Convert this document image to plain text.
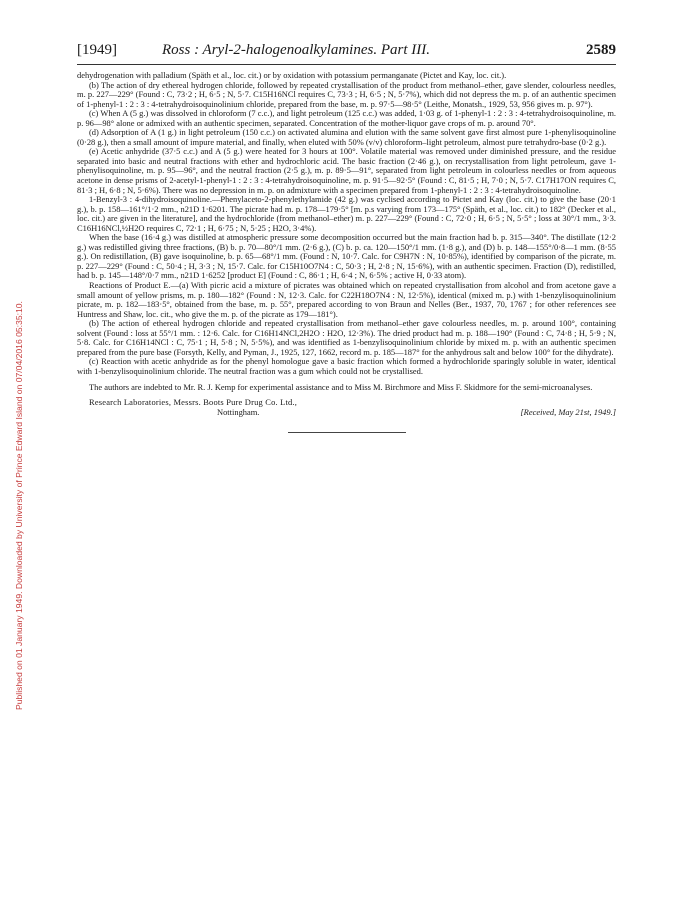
Published on 01 January 1949. Downloaded by University of Prince Edward Island on 07/04/2016 05:35:10.
[1949]	Ross : Aryl-2-halogenoalkylamines. Part III.	2589

dehydrogenation with palladium (Späth et al., loc. cit.) or by oxidation with potassium permanganate (Pictet and Kay, loc. cit.).

(b) The action of dry ethereal hydrogen chloride, followed by repeated crystallisation of the product from methanol–ether, gave slender, colourless needles, m. p. 227—229° (Found : C, 73·2 ; H, 6·5 ; N, 5·7. C15H16NCl requires C, 73·3 ; H, 6·5 ; N, 5·7%), which did not depress the m. p. of an authentic specimen of 1-phenyl-1 : 2 : 3 : 4-tetrahydroisoquinolinium chloride, prepared from the base, m. p. 97·5—98·5° (Leithe, Monatsh., 1929, 53, 956 gives m. p. 97°).

(c) When A (5 g.) was dissolved in chloroform (7 c.c.), and light petroleum (125 c.c.) was added, 1·03 g. of 1-phenyl-1 : 2 : 3 : 4-tetrahydroisoquinoline, m. p. 96—98° alone or admixed with an authentic specimen, separated. Concentration of the mother-liquor gave crops of m. p. around 70°.

(d) Adsorption of A (1 g.) in light petroleum (150 c.c.) on activated alumina and elution with the same solvent gave first almost pure 1-phenylisoquinoline (0·28 g.), then a small amount of impure material, and finally, when eluted with 50% (v/v) chloroform–light petroleum, almost pure tetrahydro-base (0·2 g.).

(e) Acetic anhydride (37·5 c.c.) and A (5 g.) were heated for 3 hours at 100°. Volatile material was removed under diminished pressure, and the residue separated into basic and neutral fractions with ether and hydrochloric acid. The basic fraction (2·46 g.), on recrystallisation from light petroleum, gave 1-phenylisoquinoline, m. p. 95—96°, and the neutral fraction (2·5 g.), m. p. 89·5—91°, separated from light petroleum in colourless needles or from aqueous acetone in dense prisms of 2-acetyl-1-phenyl-1 : 2 : 3 : 4-tetrahydroisoquinoline, m. p. 91·5—92·5° (Found : C, 81·5 ; H, 7·0 ; N, 5·7. C17H17ON requires C, 81·3 ; H, 6·8 ; N, 5·6%). There was no depression in m. p. on admixture with a specimen prepared from 1-phenyl-1 : 2 : 3 : 4-tetrahydroisoquinoline.

1-Benzyl-3 : 4-dihydroisoquinoline.—Phenylaceto-2-phenylethylamide (42 g.) was cyclised according to Pictet and Kay (loc. cit.) to give the base (20·1 g.), b. p. 158—161°/1·2 mm., n21D 1·6201. The picrate had m. p. 178—179·5° [m. p.s varying from 173—175° (Späth, et al., loc. cit.) to 182° (Decker et al., loc. cit.) are given in the literature], and the hydrochloride (from methanol–ether) m. p. 227—229° (Found : C, 72·0 ; H, 6·5 ; N, 5·5° ; loss at 30°/1 mm., 3·3. C16H16NCl,½H2O requires C, 72·1 ; H, 6·75 ; N, 5·25 ; H2O, 3·4%).

When the base (16·4 g.) was distilled at atmospheric pressure some decomposition occurred but the main fraction had b. p. 315—340°. The distillate (12·2 g.) was redistilled giving three fractions, (B) b. p. 70—80°/1 mm. (2·6 g.), (C) b. p. ca. 120—150°/1 mm. (1·8 g.), and (D) b. p. 148—155°/0·8—1 mm. (8·55 g.). On redistillation, (B) gave isoquinoline, b. p. 65—68°/1 mm. (Found : N, 10·7. Calc. for C9H7N : N, 10·85%), identified by comparison of the picrate, m. p. 227—229° (Found : C, 50·4 ; H, 3·3 ; N, 15·7. Calc. for C15H10O7N4 : C, 50·3 ; H, 2·8 ; N, 15·6%), with an authentic specimen. Fraction (D), redistilled, had b. p. 145—148°/0·7 mm., n21D 1·6252 [product E] (Found : C, 86·1 ; H, 6·4 ; N, 6·5% ; active H, 0·33 atom).

Reactions of Product E.—(a) With picric acid a mixture of picrates was obtained which on repeated crystallisation from alcohol and from acetone gave a small amount of yellow prisms, m. p. 180—182° (Found : N, 12·3. Calc. for C22H18O7N4 : N, 12·5%), identical (mixed m. p.) with 1-benzylisoquinolinium picrate, m. p. 182—183·5°, obtained from the base, m. p. 55°, prepared according to von Braun and Nelles (Ber., 1937, 70, 1767 ; for other references see Huntress and Shaw, loc. cit., who give the m. p. of the picrate as 179—181°).

(b) The action of ethereal hydrogen chloride and repeated crystallisation from methanol–ether gave colourless needles, m. p. around 100°, containing solvent (Found : loss at 55°/1 mm. : 12·6. Calc. for C16H14NCl,2H2O : H2O, 12·3%). The dried product had m. p. 188—190° (Found : C, 74·8 ; H, 5·9 ; N, 5·8. Calc. for C16H14NCl : C, 75·1 ; H, 5·8 ; N, 5·5%), and was identified as 1-benzylisoquinolinium chloride by mixed m. p. with an authentic specimen prepared from the pure base (Forsyth, Kelly, and Pyman, J., 1925, 127, 1662, record m. p. 185—187° for the anhydrous salt and below 100° for the dihydrate).

(c) Reaction with acetic anhydride as for the phenyl homologue gave a basic fraction which formed a hydrochloride sparingly soluble in water, identical with 1-benzylisoquinolinium chloride. The neutral fraction was a gum which could not be crystallised.

The authors are indebted to Mr. R. J. Kemp for experimental assistance and to Miss M. Birchmore and Miss F. Skidmore for the semi-microanalyses.

Research Laboratories, Messrs. Boots Pure Drug Co. Ltd.,
Nottingham.	[Received, May 21st, 1949.]
